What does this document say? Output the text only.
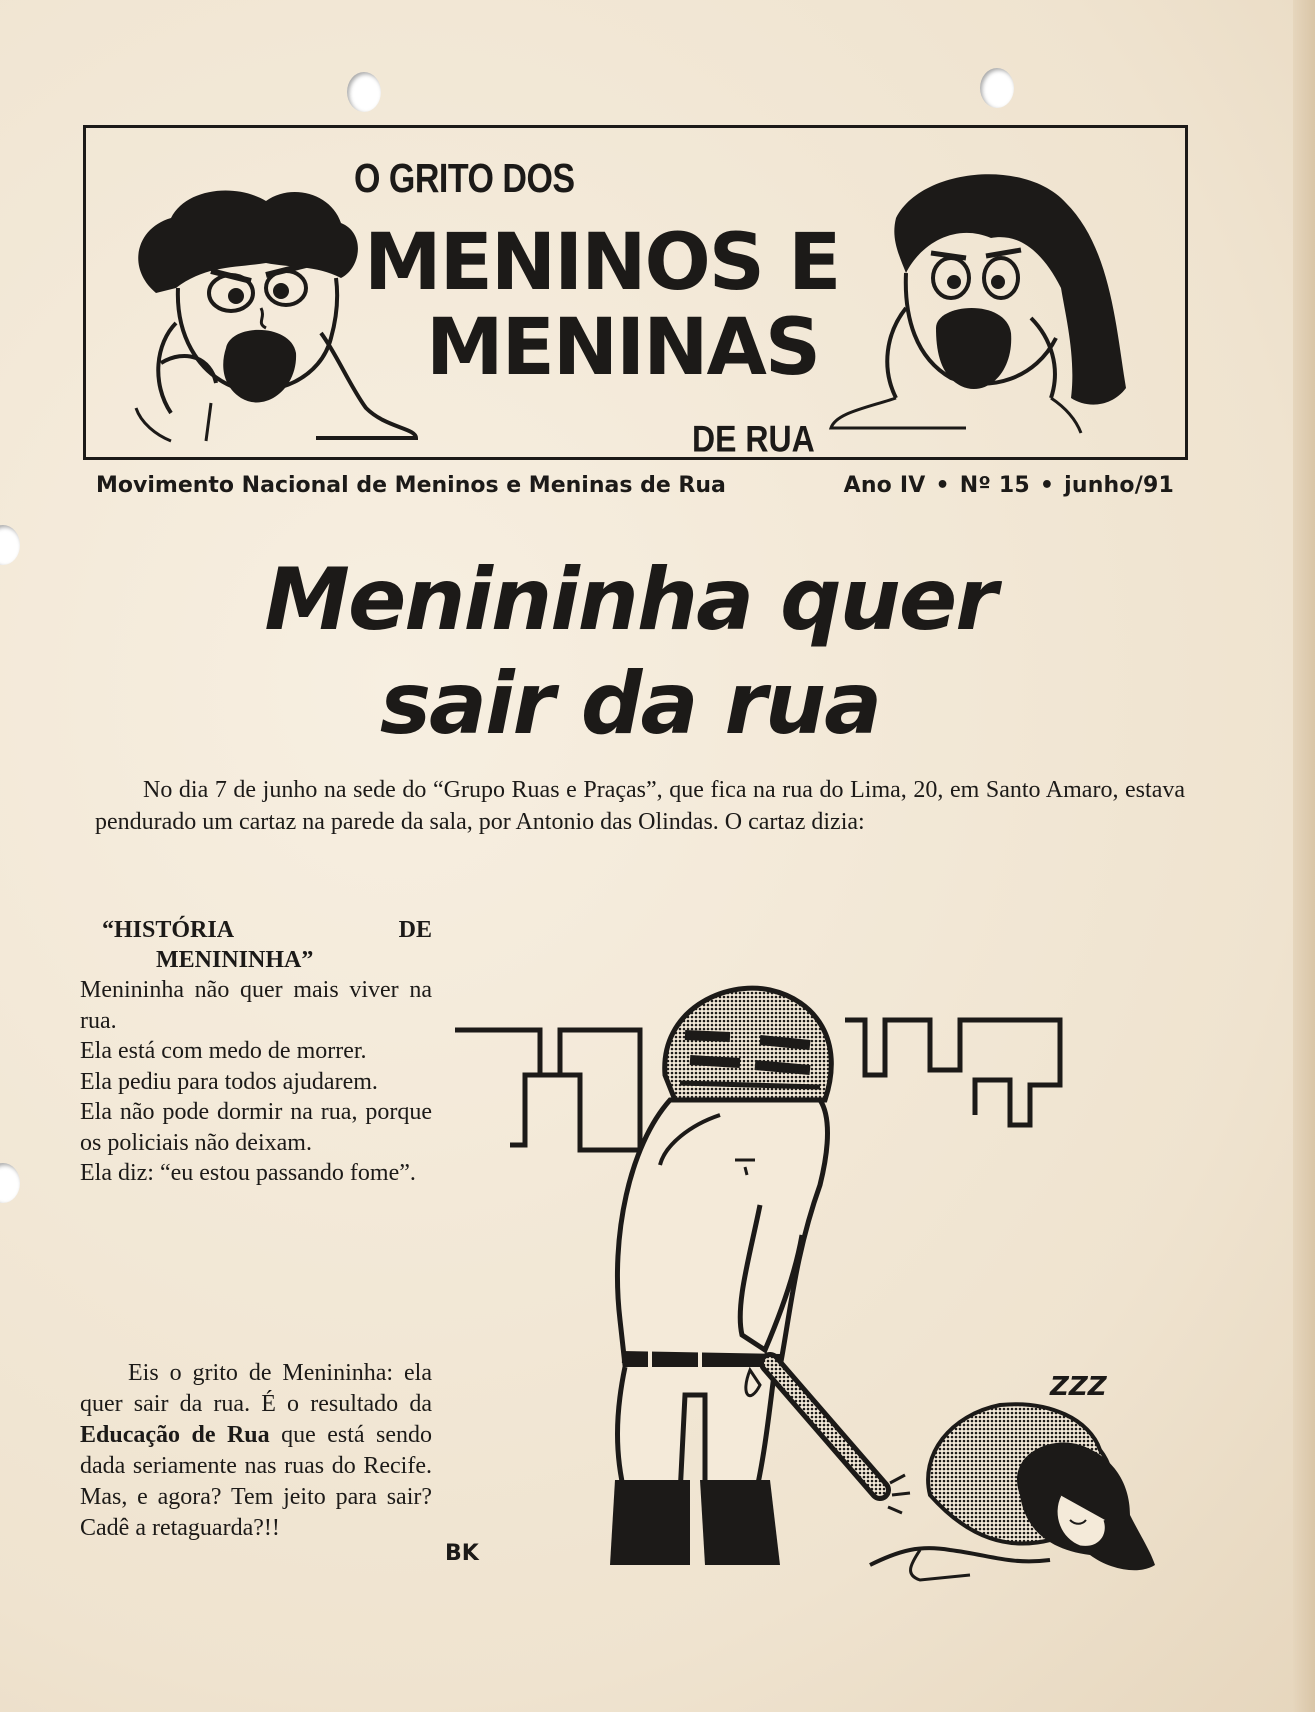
O GRITO DOS
MENINOS E
MENINAS
DE RUA
Movimento Nacional de Meninos e Meninas de Rua	Ano IV • Nº 15 • junho/91
Menininha quer
sair da rua

No dia 7 de junho na sede do “Grupo Ruas e Praças”, que fica na rua do Lima, 20, em Santo Amaro, estava pendurado um cartaz na parede da sala, por Antonio das Olindas. O cartaz dizia:

“HISTÓRIA	DE
MENININHA”

Menininha não quer mais viver na rua.

Ela está com medo de morrer.

Ela pediu para todos ajudarem.

Ela não pode dormir na rua, porque os policiais não deixam.

Ela diz: “eu estou passando fome”.

Eis o grito de Menininha: ela quer sair da rua. É o resultado da Educação de Rua que está sendo dada seriamente nas ruas do Recife. Mas, e agora? Tem jeito para sair? Cadê a retaguarda?!!

ZZZ
BK
